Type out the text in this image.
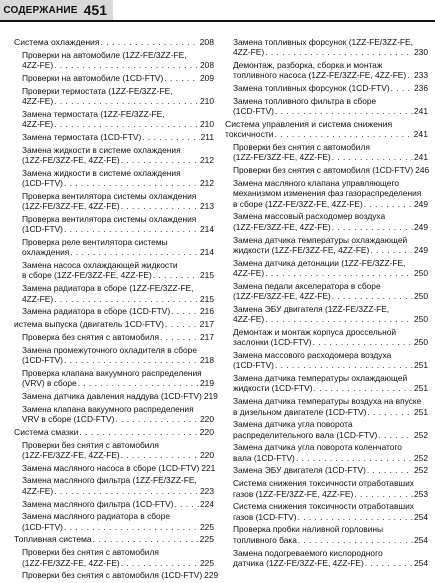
СОДЕРЖАНИЕ 451
Система охлаждения . . .	208
Проверки на автомобиле (1ZZ-FE/3ZZ-FE,
4ZZ-FE) . . .	208
Проверки на автомобиле (1CD-FTV) . . .	209
Проверки термостата (1ZZ-FE/3ZZ-FE,
4ZZ-FE) . . .	210
Замена термостата (1ZZ-FE/3ZZ-FE,
4ZZ-FE) . . .	210
Замена термостата (1CD-FTV) . . .	211
Замена жидкости в системе охлаждения
(1ZZ-FE/3ZZ-FE, 4ZZ-FE) . . .	212
Замена жидкости в системе охлаждения
(1CD-FTV) . . .	212
Проверка вентилятора системы охлаждения
(1ZZ-FE/3ZZ-FE, 4ZZ-FE) . . .	213
Проверка вентилятора системы охлаждения
(1CD-FTV) . . .	214
Проверка реле вентилятора системы
охлаждения . . .	214
Замена насоса охлаждающей жидкости
в сборе (1ZZ-FE/3ZZ-FE, 4ZZ-FE) . . .	215
Замена радиатора в сборе (1ZZ-FE/3ZZ-FE,
4ZZ-FE) . . .	215
Замена радиатора в сборе (1CD-FTV) . . .	216
истема выпуска (двигатель 1CD-FTV) . . .	217
Проверка без снятия с автомобиля . . .	217
Замена промежуточного охладителя в сборе
(1CD-FTV) . . .	218
Проверка клапана вакуумного распределения
(VRV) в сборе . . .	219
Замена датчика давления наддува (1CD-FTV) 219
Замена клапана вакуумного распределения
VRV в сборе (1CD-FTV) . . .	220
Система смазки . . .	220
Проверки без снятия с автомобиля
(1ZZ-FE/3ZZ-FE, 4ZZ-FE) . . .	220
Замена масляного насоса в сборе (1CD-FTV) 221
Замена масляного фильтра (1ZZ-FE/3ZZ-FE,
4ZZ-FE) . . .	223
Замена масляного фильтра (1CD-FTV) . . .	224
Замена масляного радиатора в сборе
(1CD-FTV) . . .	225
Топливная система . . .	225
Проверки без снятия с автомобиля
(1ZZ-FE/3ZZ-FE, 4ZZ-FE) . . .	225
Проверки без снятия с автомобиля (1CD-FTV) 229
Замена топливных форсунок (1ZZ-FE/3ZZ-FE,
4ZZ-FE) . . .	230
Демонтаж, разборка, сборка и монтаж
топливного насоса (1ZZ-FE/3ZZ-FE, 4ZZ-FE) . . . 233
Замена топливных форсунок (1CD-FTV) . . .	236
Замена топливного фильтра в сборе
(1CD-FTV) . . .	241
Система управления и система снижения
токсичности . . .	241
Проверки без снятия с автомобиля
(1ZZ-FE/3ZZ-FE, 4ZZ-FE) . . .	241
Проверки без снятия с автомобиля (1CD-FTV) 246
Замена масляного клапана управляющего
механизмом изменения фаз газораспределения
в сборе (1ZZ-FE/3ZZ-FE, 4ZZ-FE) . . .	249
Замена массовый расходомер воздуха
(1ZZ-FE/3ZZ-FE, 4ZZ-FE) . . .	249
Замена датчика температуры охлаждающей
жидкости (1ZZ-FE/3ZZ-FE, 4ZZ-FE) . . .	249
Замена датчика детонации (1ZZ-FE/3ZZ-FE,
4ZZ-FE) . . .	250
Замена педали акселератора в сборе
(1ZZ-FE/3ZZ-FE, 4ZZ-FE) . . .	250
Замена ЭБУ двигателя (1ZZ-FE/3ZZ-FE,
4ZZ-FE) . . .	250
Демонтаж и монтаж корпуса дроссельной
заслонки (1CD-FTV) . . .	250
Замена массового расходомера воздуха
(1CD-FTV) . . .	251
Замена датчика температуры охлаждающей
жидкости (1CD-FTV) . . .	251
Замена датчика температуры воздуха на впуске
в дизельном двигателе (1CD-FTV) . . .	251
Замена датчика угла поворота
распределительного вала (1CD-FTV) . . .	252
Замена датчика угла поворота коленчатого
вала (1CD-FTV) . . .	252
Замена ЭБУ двигателя (1CD-FTV) . . .	252
Система снижения токсичности отработавших
газов (1ZZ-FE/3ZZ-FE, 4ZZ-FE) . . .	253
Система снижения токсичности отработавших
газов (1CD-FTV) . . .	254
Проверка пробки наливной горловины
топливного бака . . .	254
Замена подогреваемого кислородного
датчика (1ZZ-FE/3ZZ-FE, 4ZZ-FE) . . .	254
